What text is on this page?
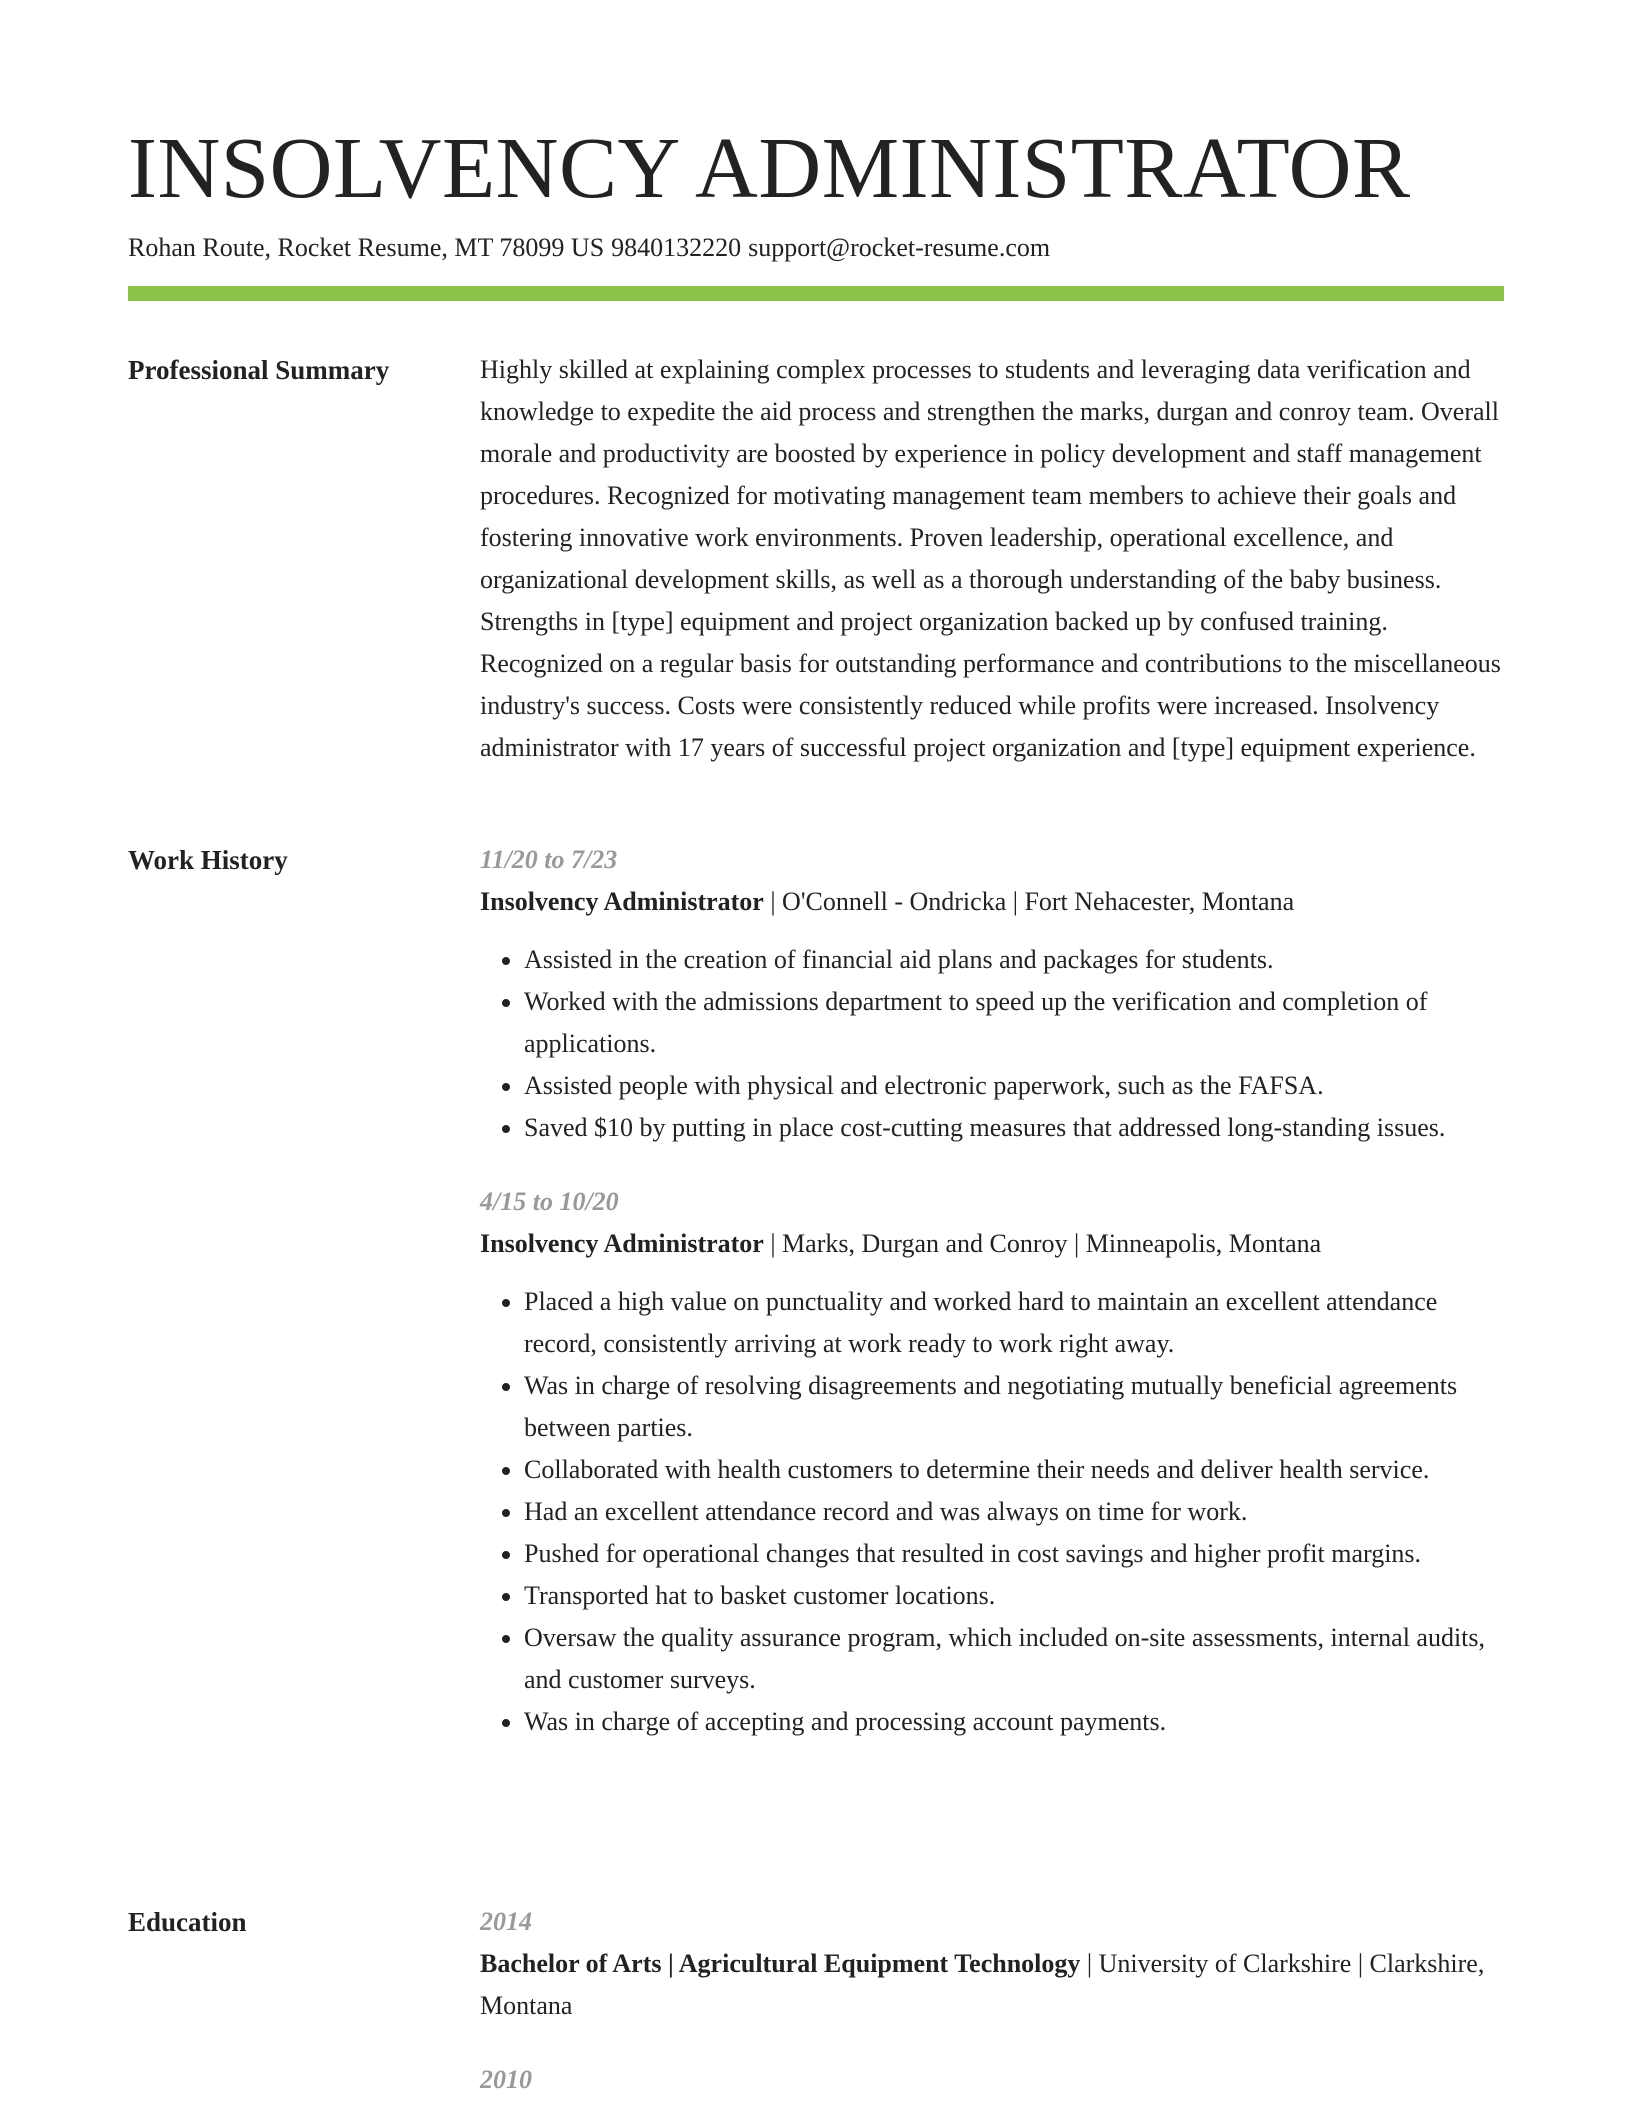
INSOLVENCY ADMINISTRATOR
Rohan Route, Rocket Resume, MT 78099 US 9840132220 support@rocket-resume.com
Professional Summary	Highly skilled at explaining complex processes to students and leveraging data verification and knowledge to expedite the aid process and strengthen the marks, durgan and conroy team. Overall morale and productivity are boosted by experience in policy development and staff management procedures. Recognized for motivating management team members to achieve their goals and fostering innovative work environments. Proven leadership, operational excellence, and organizational development skills, as well as a thorough understanding of the baby business. Strengths in [type] equipment and project organization backed up by confused training. Recognized on a regular basis for outstanding performance and contributions to the miscellaneous industry's success. Costs were consistently reduced while profits were increased. Insolvency administrator with 17 years of successful project organization and [type] equipment experience.

Work History	11/20 to 7/23
Insolvency Administrator | O'Connell - Ondricka | Fort Nehacester, Montana
• Assisted in the creation of financial aid plans and packages for students.
• Worked with the admissions department to speed up the verification and completion of applications.
• Assisted people with physical and electronic paperwork, such as the FAFSA.
• Saved $10 by putting in place cost-cutting measures that addressed long-standing issues.
4/15 to 10/20
Insolvency Administrator | Marks, Durgan and Conroy | Minneapolis, Montana
• Placed a high value on punctuality and worked hard to maintain an excellent attendance record, consistently arriving at work ready to work right away.
• Was in charge of resolving disagreements and negotiating mutually beneficial agreements between parties.
• Collaborated with health customers to determine their needs and deliver health service.
• Had an excellent attendance record and was always on time for work.
• Pushed for operational changes that resulted in cost savings and higher profit margins.
• Transported hat to basket customer locations.
• Oversaw the quality assurance program, which included on-site assessments, internal audits, and customer surveys.
• Was in charge of accepting and processing account payments.
Education	2014
Bachelor of Arts | Agricultural Equipment Technology | University of Clarkshire | Clarkshire, Montana
2010
